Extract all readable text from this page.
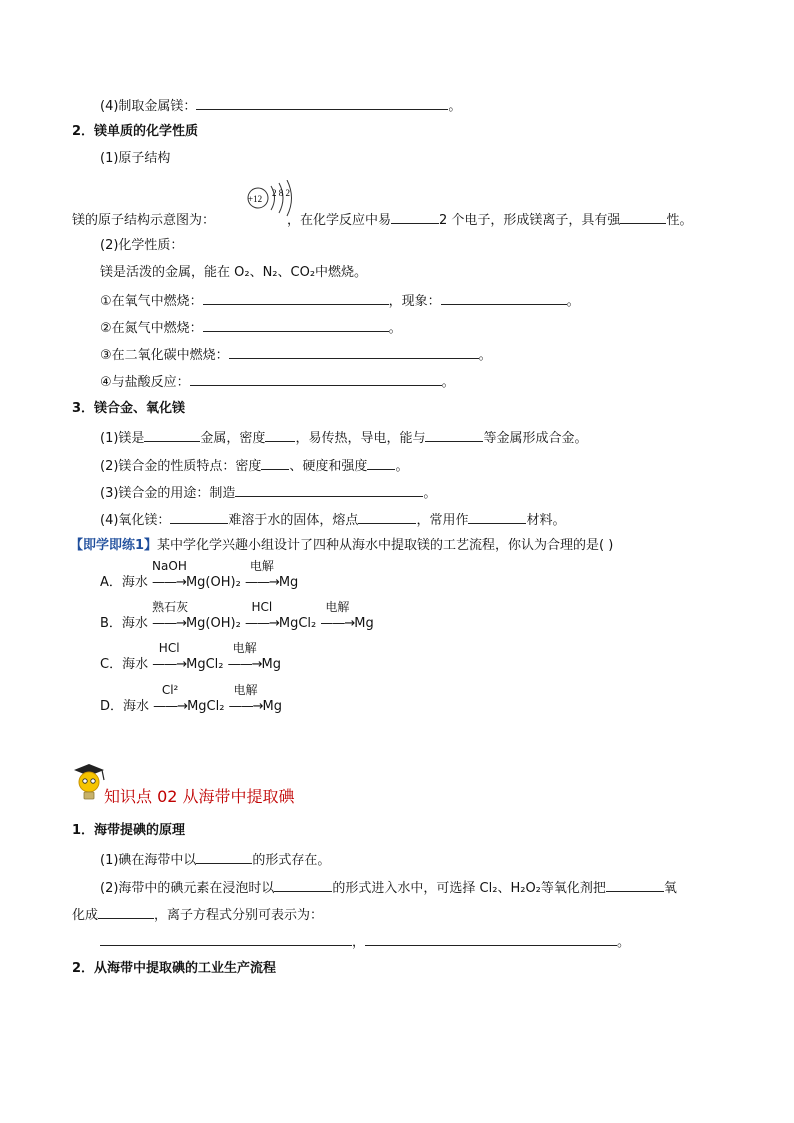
(4)制取金属镁：	。
2．镁单质的化学性质
(1)原子结构
+12
2 8 2
镁的原子结构示意图为：	，在化学反应中易	2 个电子，形成镁离子，具有强	性。
(2)化学性质：
镁是活泼的金属，能在 O₂、N₂、CO₂中燃烧。
①在氧气中燃烧：	，现象：	。
②在氮气中燃烧：	。
③在二氧化碳中燃烧：	。
④与盐酸反应：	。
3．镁合金、氧化镁
(1)镁是	金属，密度 ，易传热，导电，能与	等金属形成合金。
(2)镁合金的性质特点：密度 、硬度和强度 。
(3)镁合金的用途：制造	。
(4)氧化镁：	难溶于水的固体，熔点	，常用作	材料。
【即学即练1】某中学化学兴趣小组设计了四种从海水中提取镁的工艺流程，你认为合理的是( )
A．海水
NaOH
——→Mg(OH)₂
电解
——→Mg
B．海水
熟石灰
——→Mg(OH)₂
HCl
——→MgCl₂
电解
——→Mg
C．海水
HCl
——→MgCl₂
电解
——→Mg
D．海水
Cl²
——→MgCl₂
电解
——→Mg
知识点 02 从海带中提取碘
1．海带提碘的原理
(1)碘在海带中以	的形式存在。
(2)海带中的碘元素在浸泡时以	的形式进入水中，可选择 Cl₂、H₂O₂等氧化剂把	氧
化成	，离子方程式分别可表示为：
，	。
2．从海带中提取碘的工业生产流程
